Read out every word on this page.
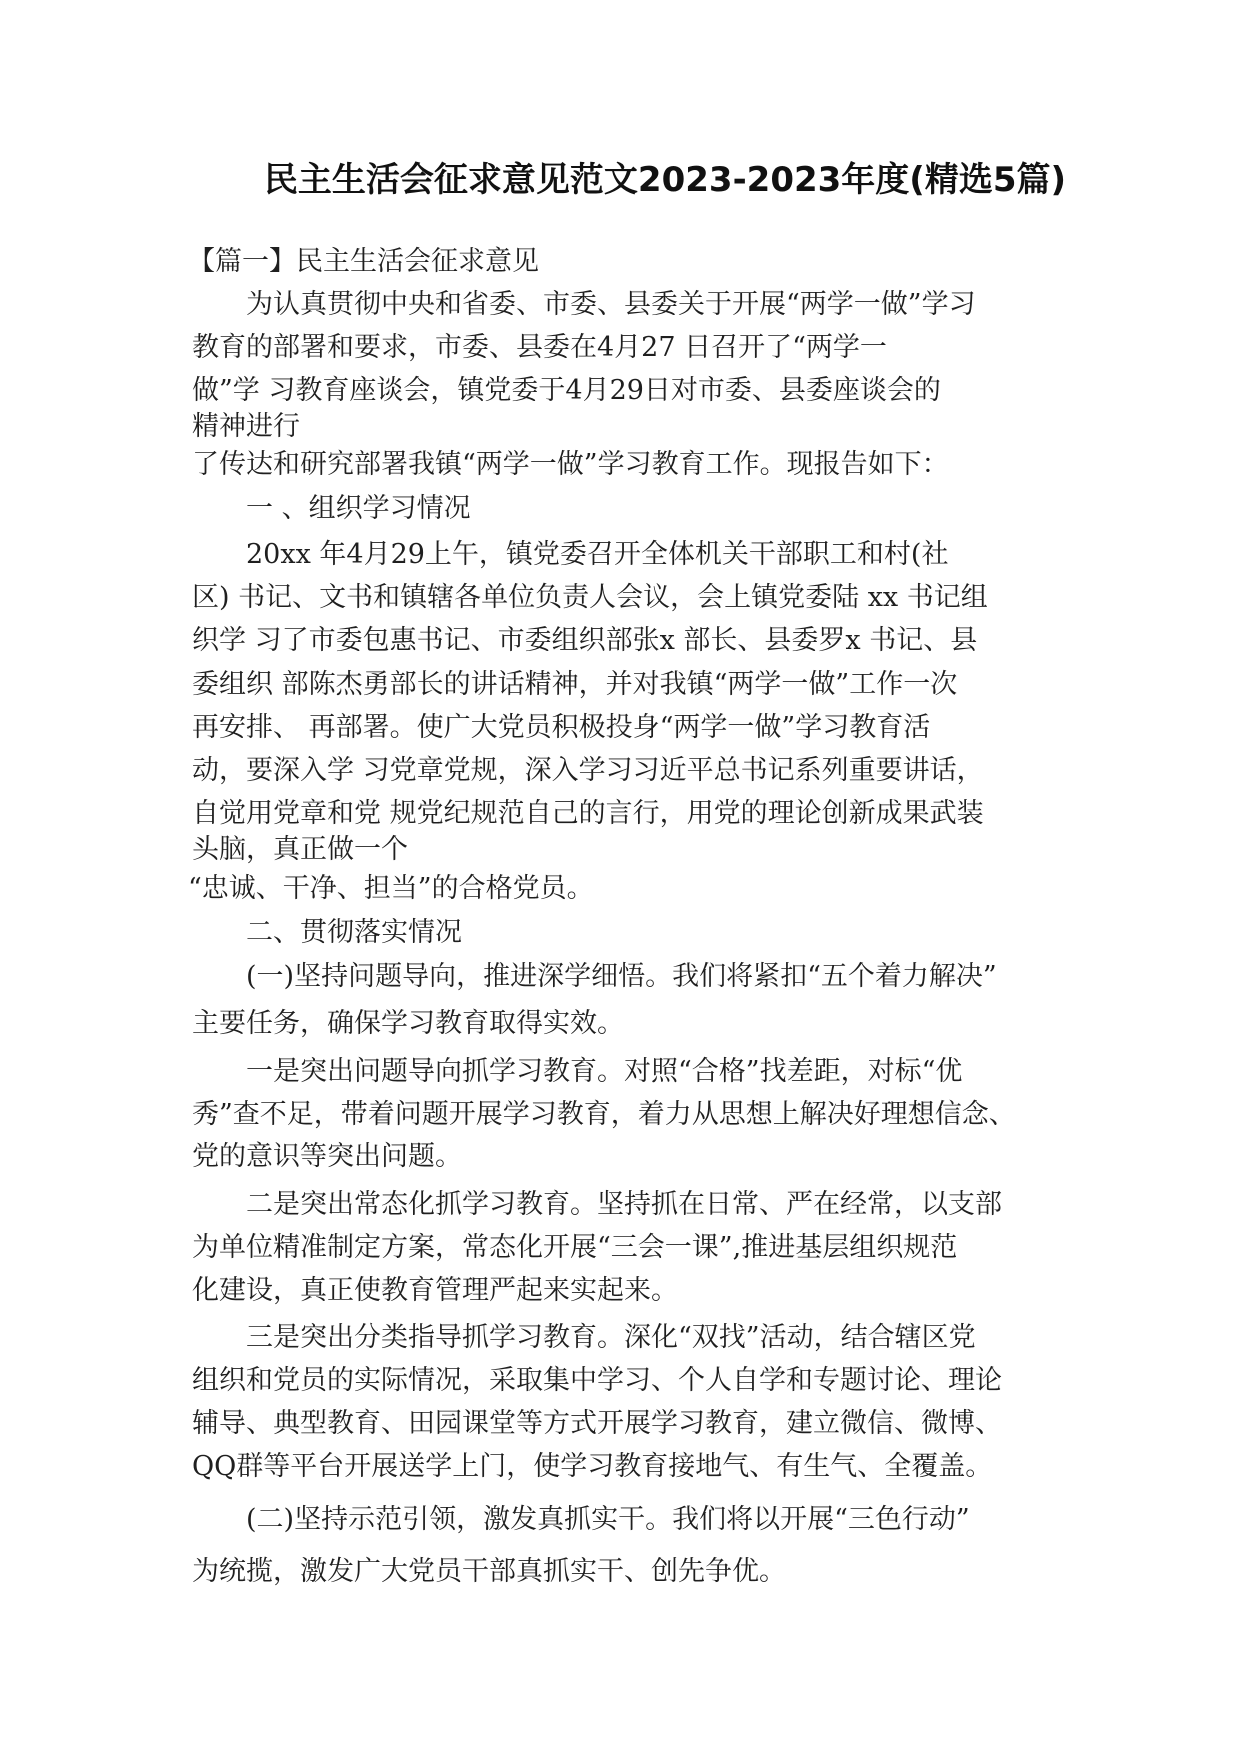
民主生活会征求意见范文2023-2023年度(精选5篇)
【篇一】民主生活会征求意见
为认真贯彻中央和省委、市委、县委关于开展“两学一做”学习
教育的部署和要求，市委、县委在4月27 日召开了“两学一
做”学 习教育座谈会，镇党委于4月29日对市委、县委座谈会的
精神进行
了传达和研究部署我镇“两学一做”学习教育工作。现报告如下：
一 、组织学习情况
20xx 年4月29上午，镇党委召开全体机关干部职工和村(社
区) 书记、文书和镇辖各单位负责人会议，会上镇党委陆 xx 书记组
织学 习了市委包惠书记、市委组织部张x 部长、县委罗x 书记、县
委组织 部陈杰勇部长的讲话精神，并对我镇“两学一做”工作一次
再安排、 再部署。使广大党员积极投身“两学一做”学习教育活
动，要深入学 习党章党规，深入学习习近平总书记系列重要讲话，
自觉用党章和党 规党纪规范自己的言行，用党的理论创新成果武装
头脑，真正做一个
“忠诚、干净、担当”的合格党员。
二、贯彻落实情况
(一)坚持问题导向，推进深学细悟。我们将紧扣“五个着力解决”
主要任务，确保学习教育取得实效。
一是突出问题导向抓学习教育。对照“合格”找差距，对标“优
秀”查不足，带着问题开展学习教育，着力从思想上解决好理想信念、
党的意识等突出问题。
二是突出常态化抓学习教育。坚持抓在日常、严在经常，以支部
为单位精准制定方案，常态化开展“三会一课”,推进基层组织规范
化建设，真正使教育管理严起来实起来。
三是突出分类指导抓学习教育。深化“双找”活动，结合辖区党
组织和党员的实际情况，采取集中学习、个人自学和专题讨论、理论
辅导、典型教育、田园课堂等方式开展学习教育，建立微信、微博、
QQ群等平台开展送学上门，使学习教育接地气、有生气、全覆盖。
(二)坚持示范引领，激发真抓实干。我们将以开展“三色行动”
为统揽，激发广大党员干部真抓实干、创先争优。
